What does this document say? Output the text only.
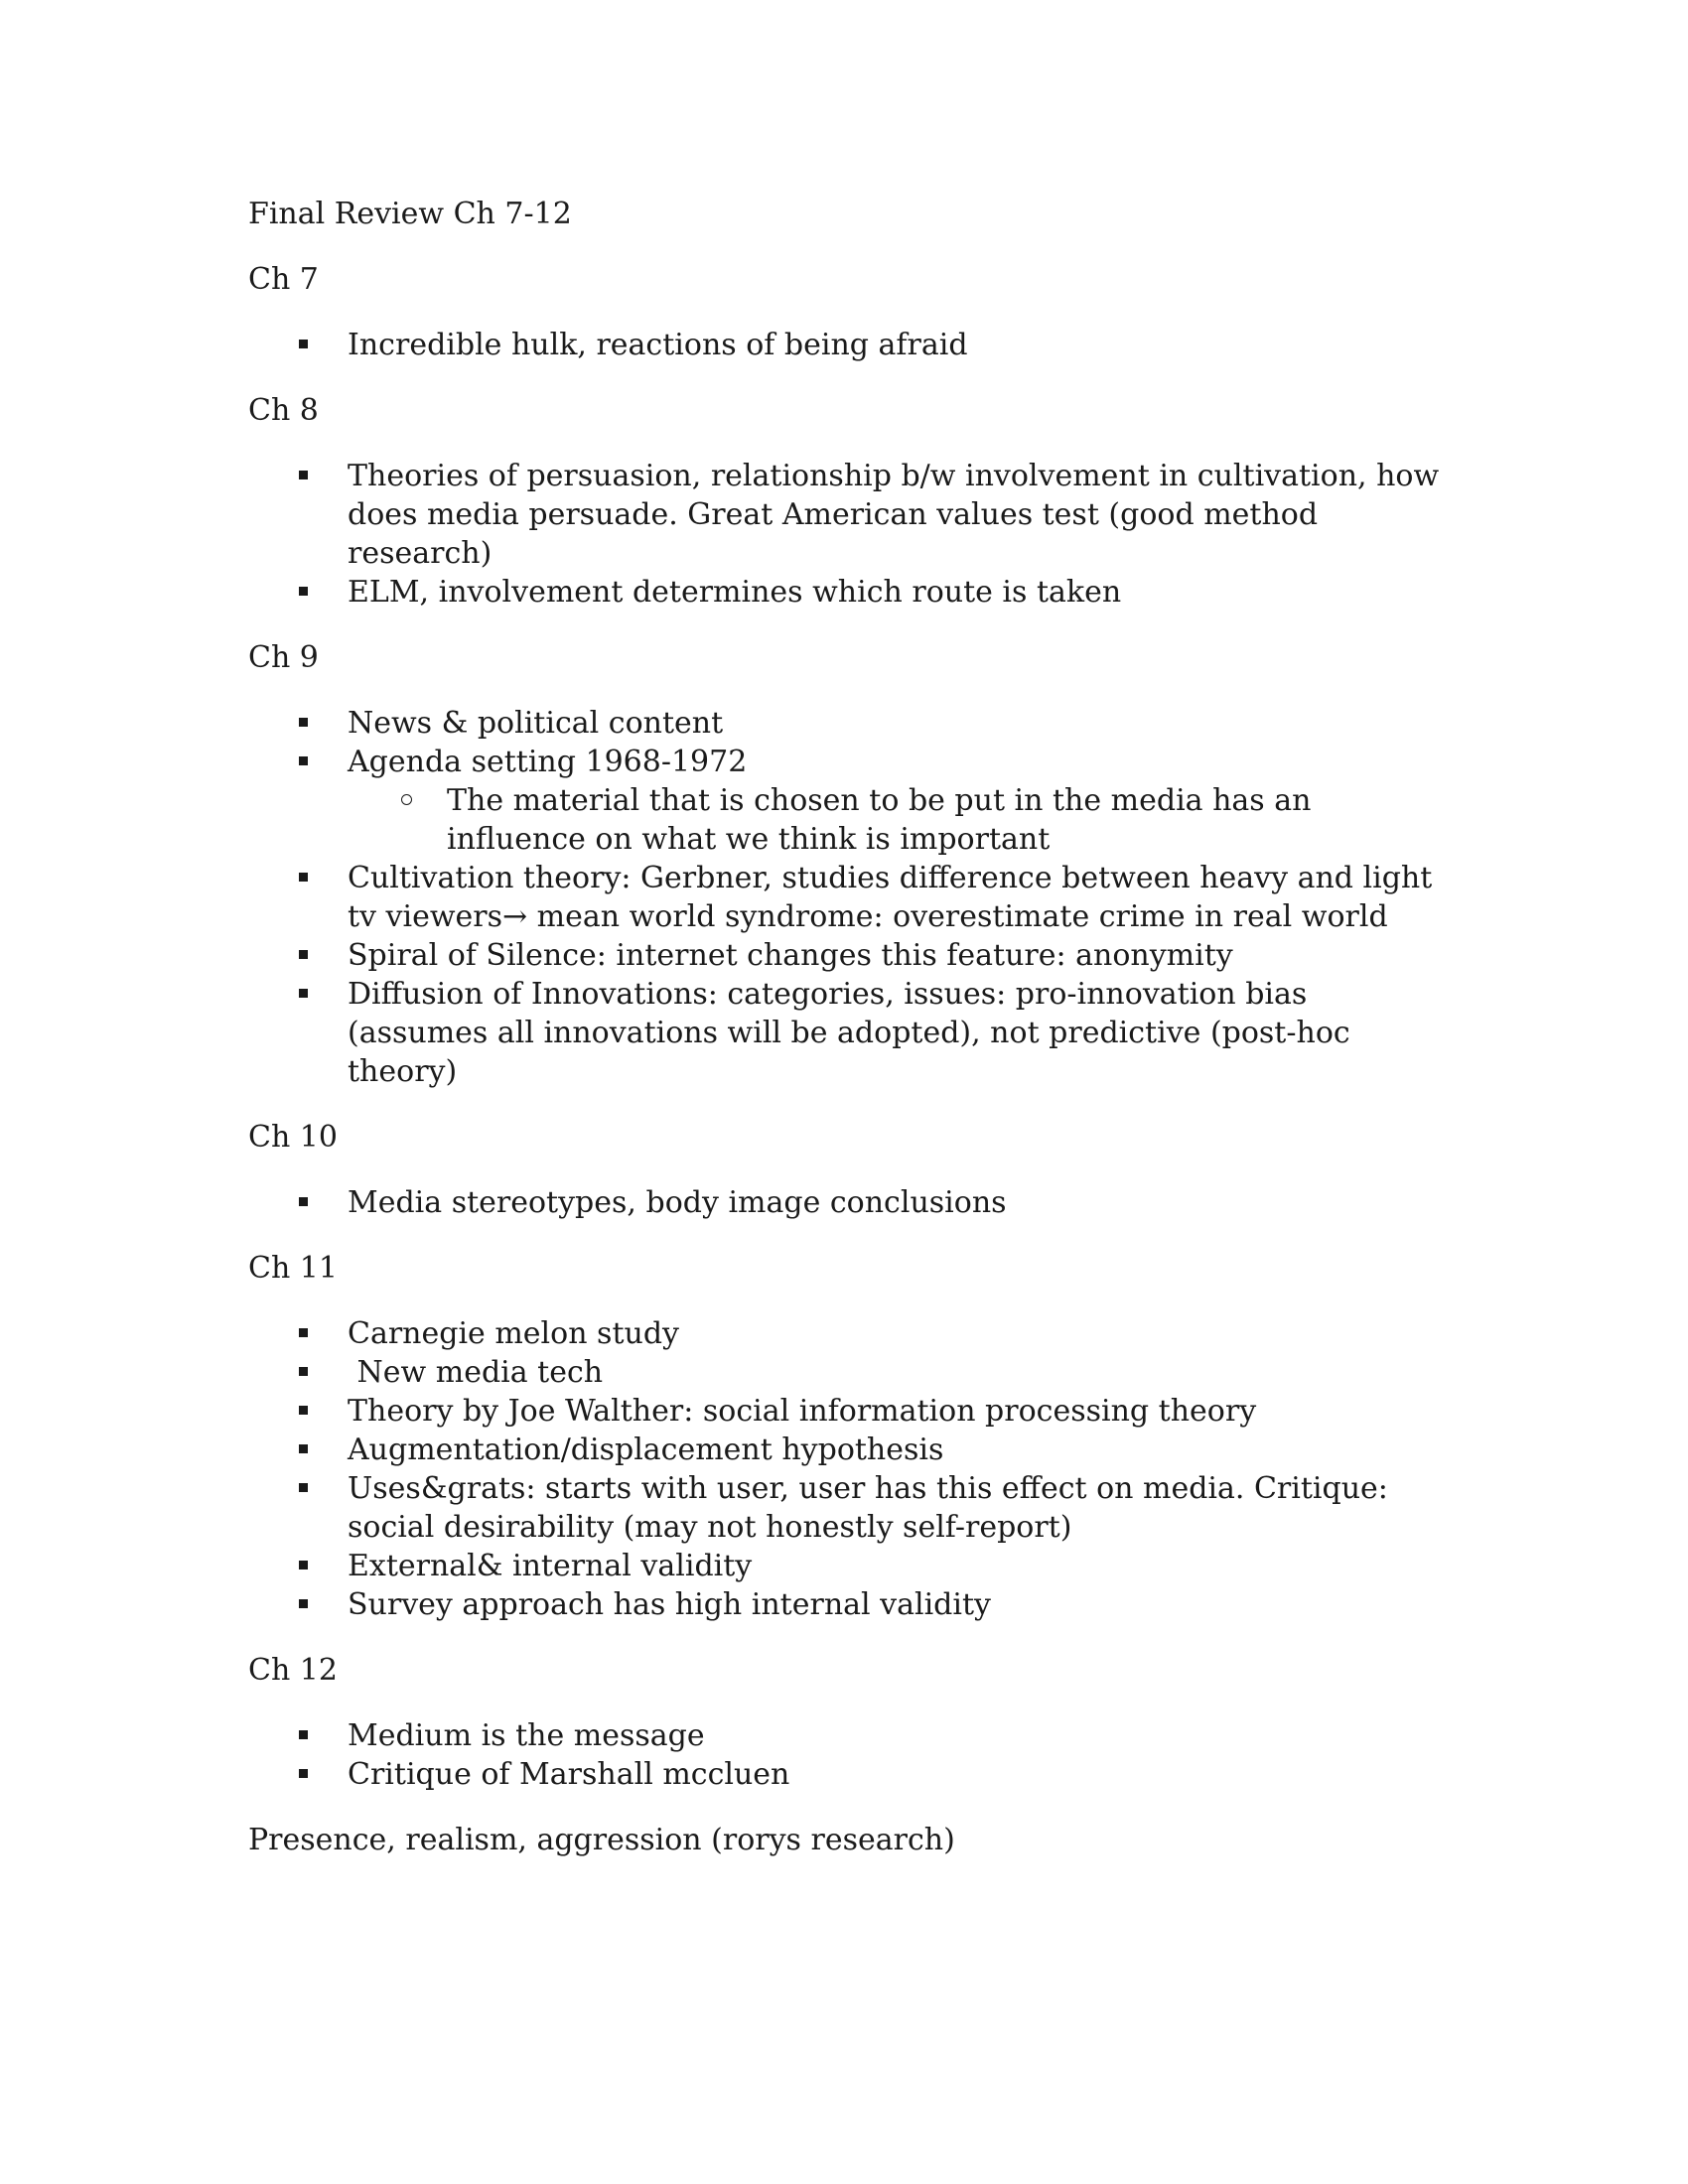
Final Review Ch 7-12

Ch 7

Incredible hulk, reactions of being afraid

Ch 8

Theories of persuasion, relationship b/w involvement in cultivation, how does media persuade. Great American values test (good method research)
ELM, involvement determines which route is taken

Ch 9

News & political content
Agenda setting 1968-1972
The material that is chosen to be put in the media has an influence on what we think is important
Cultivation theory: Gerbner, studies difference between heavy and light tv viewers→ mean world syndrome: overestimate crime in real world
Spiral of Silence: internet changes this feature: anonymity
Diffusion of Innovations: categories, issues: pro-innovation bias (assumes all innovations will be adopted), not predictive (post-hoc theory)

Ch 10

Media stereotypes, body image conclusions

Ch 11

Carnegie melon study
New media tech
Theory by Joe Walther: social information processing theory
Augmentation/displacement hypothesis
Uses&grats: starts with user, user has this effect on media. Critique: social desirability (may not honestly self-report)
External& internal validity
Survey approach has high internal validity

Ch 12

Medium is the message
Critique of Marshall mccluen

Presence, realism, aggression (rorys research)
